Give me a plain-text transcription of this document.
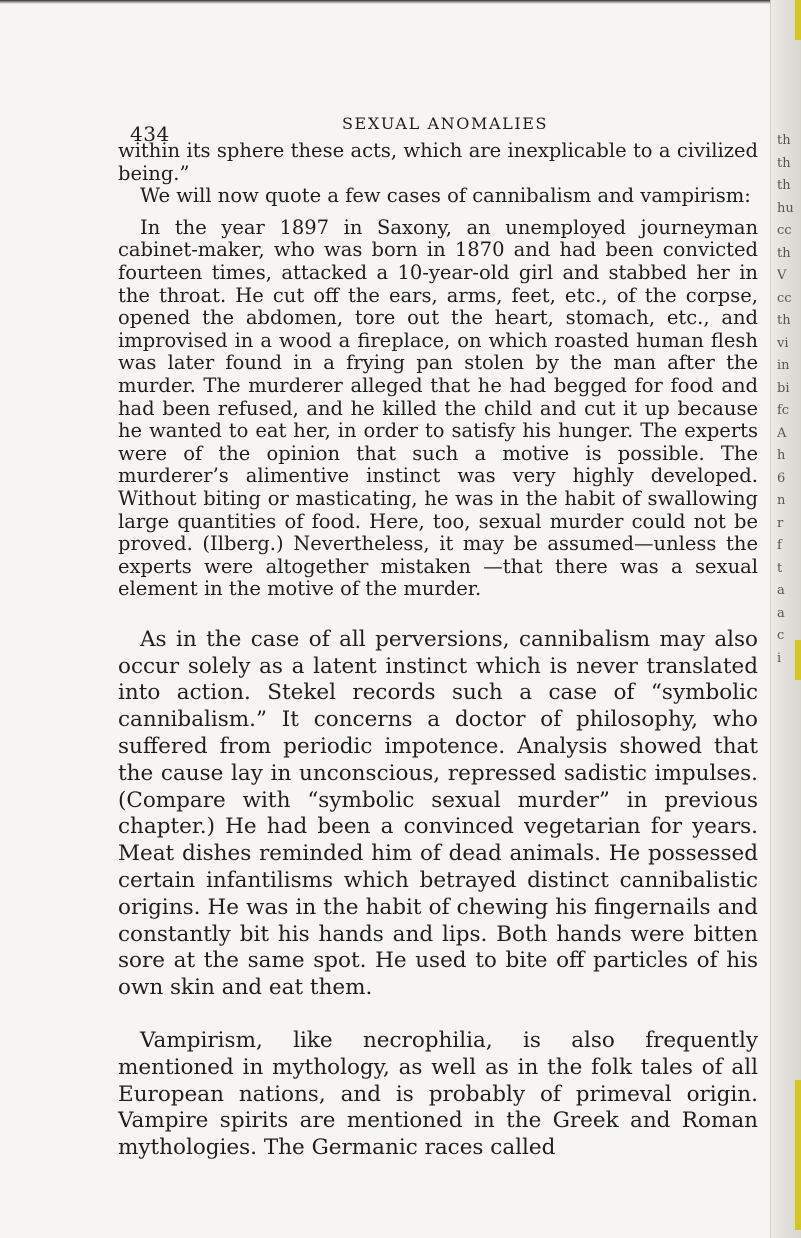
434	SEXUAL ANOMALIES

within its sphere these acts, which are inexplicable to a civilized being.”

We will now quote a few cases of cannibalism and vampirism:

In the year 1897 in Saxony, an unemployed journeyman cabinet-maker, who was born in 1870 and had been convicted fourteen times, attacked a 10-year-old girl and stabbed her in the throat. He cut off the ears, arms, feet, etc., of the corpse, opened the abdomen, tore out the heart, stomach, etc., and improvised in a wood a fireplace, on which roasted human flesh was later found in a frying pan stolen by the man after the murder. The murderer alleged that he had begged for food and had been refused, and he killed the child and cut it up because he wanted to eat her, in order to satisfy his hunger. The experts were of the opinion that such a motive is possible. The murderer’s alimentive instinct was very highly developed. Without biting or masticating, he was in the habit of swallowing large quantities of food. Here, too, sexual murder could not be proved. (Ilberg.) Nevertheless, it may be assumed—unless the experts were altogether mistaken —that there was a sexual element in the motive of the murder.

As in the case of all perversions, cannibalism may also occur solely as a latent instinct which is never translated into action. Stekel records such a case of “symbolic cannibalism.” It concerns a doctor of philosophy, who suffered from periodic impotence. Analysis showed that the cause lay in unconscious, repressed sadistic impulses. (Compare with “symbolic sexual murder” in previous chapter.) He had been a convinced vegetarian for years. Meat dishes reminded him of dead animals. He possessed certain infantilisms which betrayed distinct cannibalistic origins. He was in the habit of chewing his fingernails and constantly bit his hands and lips. Both hands were bitten sore at the same spot. He used to bite off particles of his own skin and eat them.

Vampirism, like necrophilia, is also frequently mentioned in mythology, as well as in the folk tales of all European nations, and is probably of primeval origin. Vampire spirits are mentioned in the Greek and Roman mythologies. The Germanic races called

th
th
th
hu
cc
th
V
cc
th
vi
in
bi
fc
A
h
6
n
r
f
t
a
a
c
i
